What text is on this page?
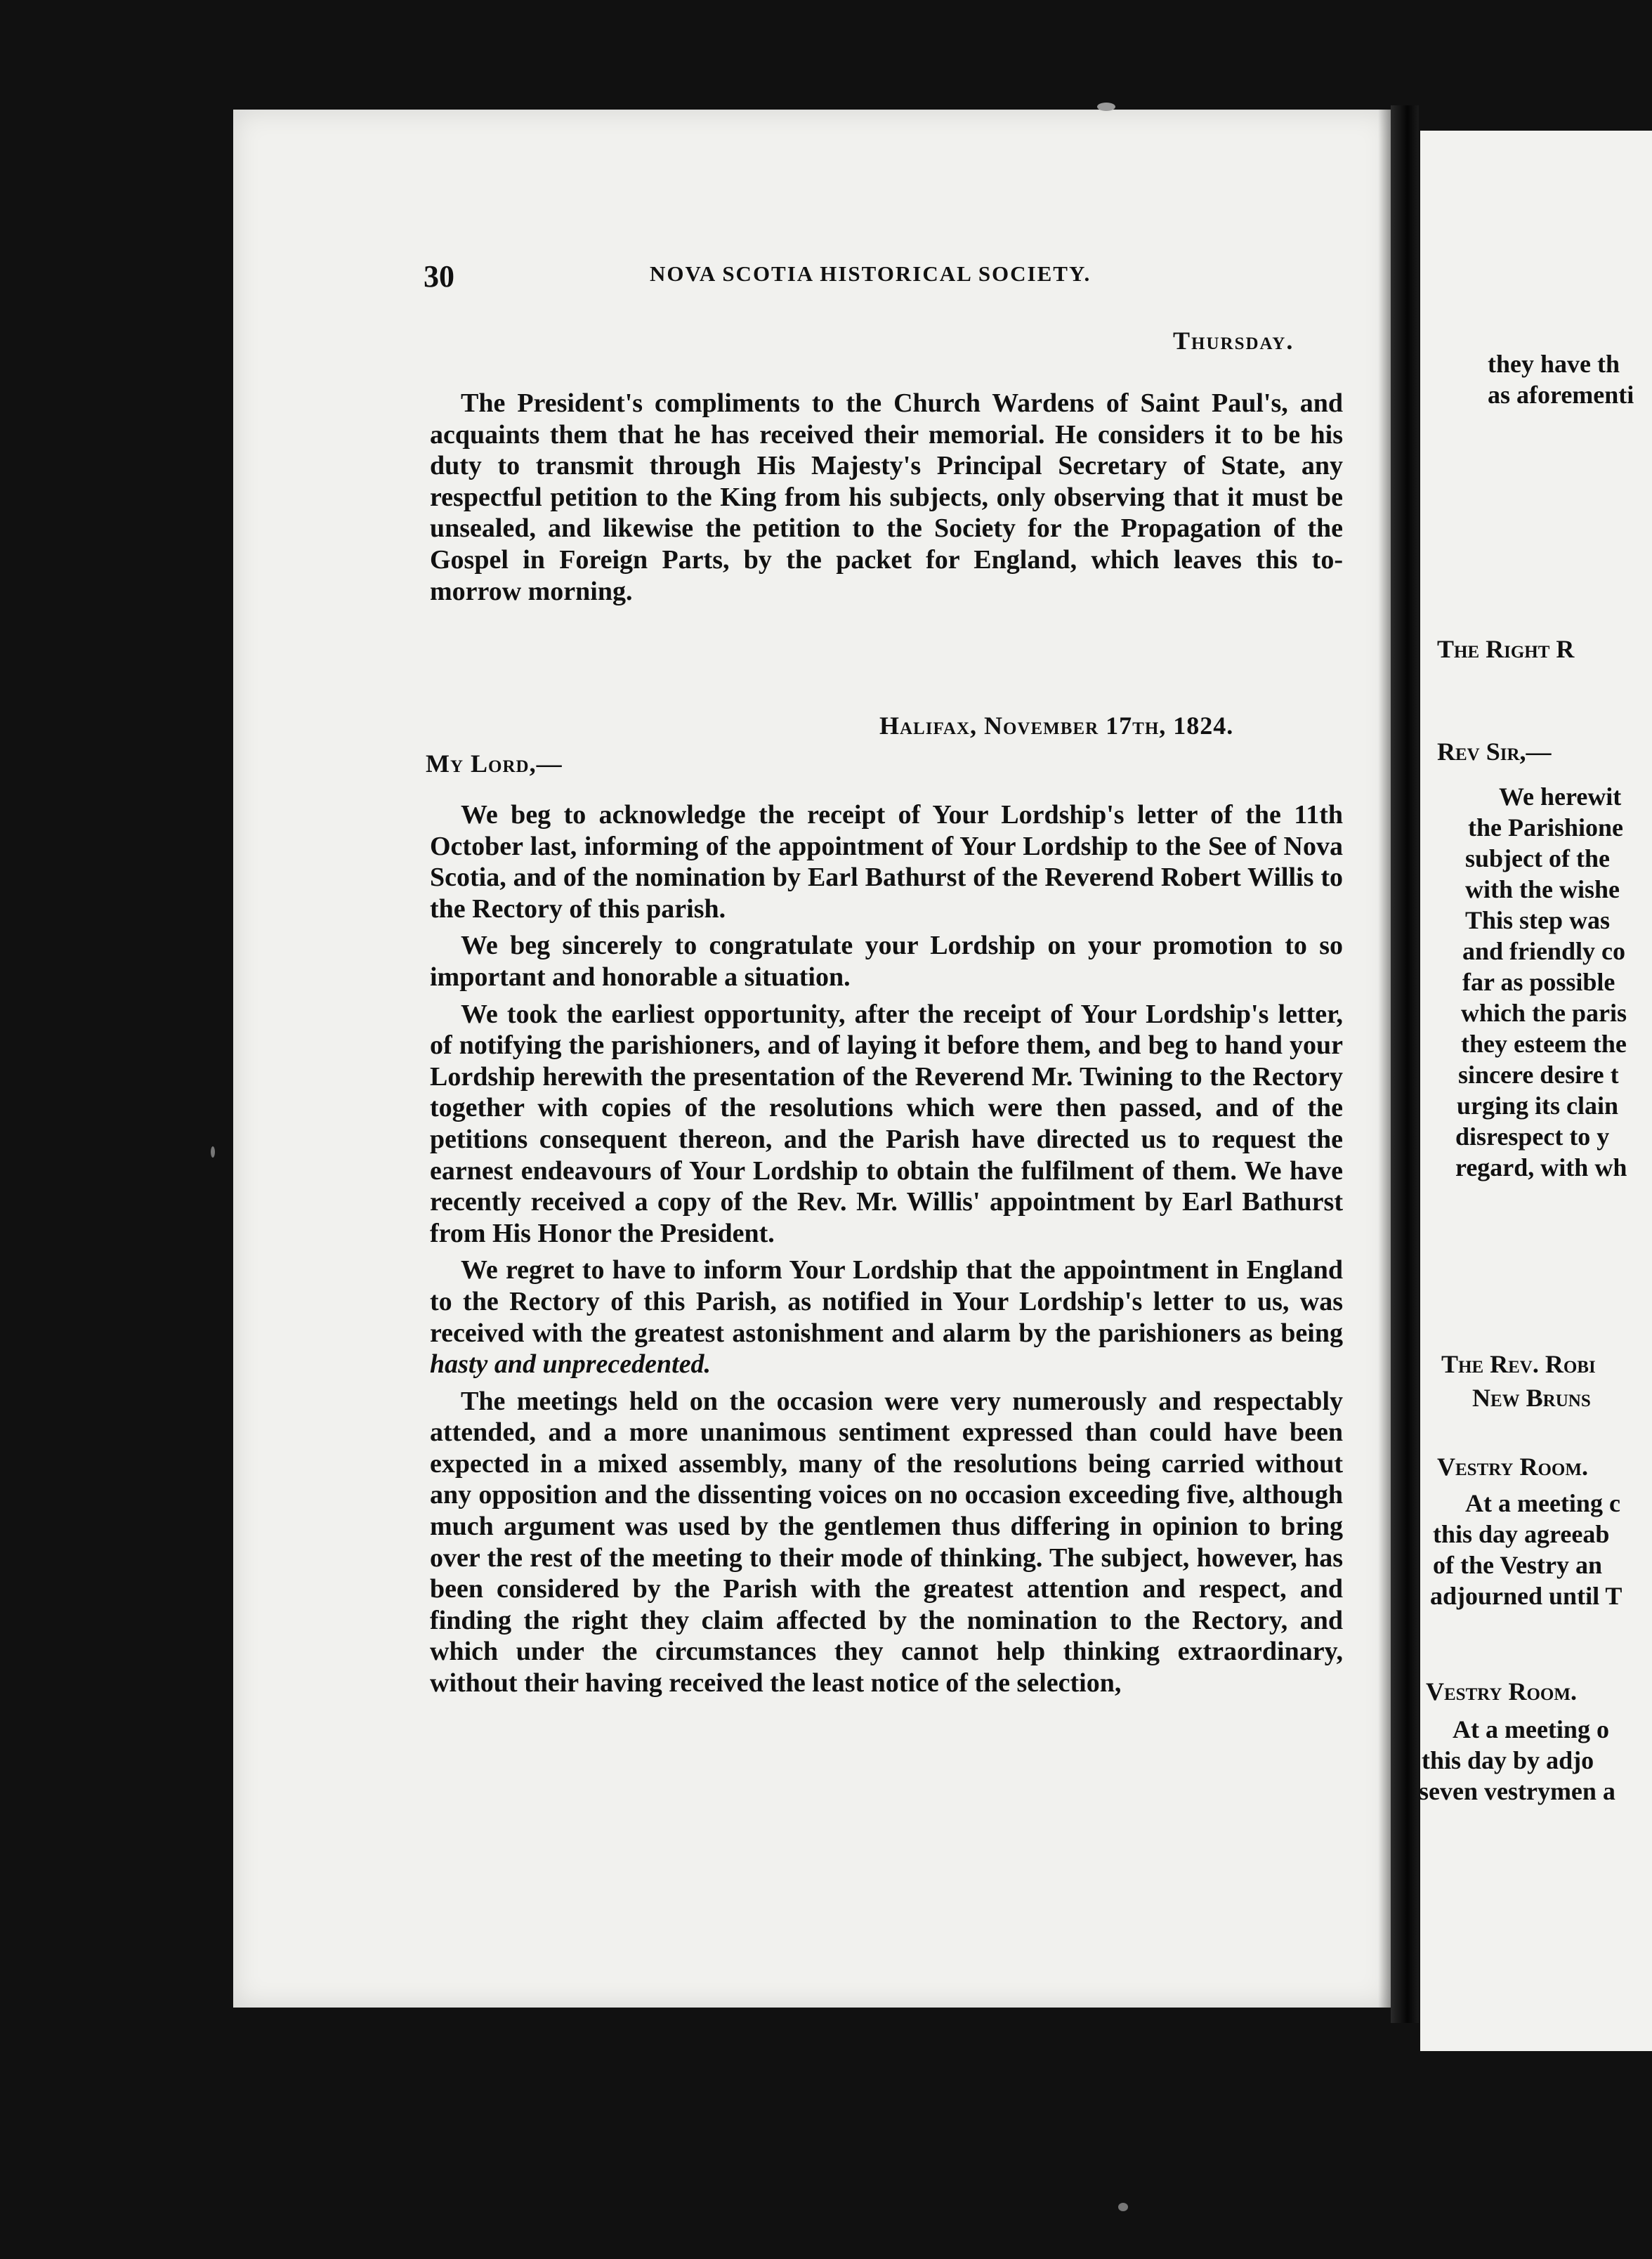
30	NOVA SCOTIA HISTORICAL SOCIETY.
Thursday.

The President's compliments to the Church Wardens of Saint Paul's, and acquaints them that he has received their memorial. He considers it to be his duty to transmit through His Majesty's Principal Secretary of State, any respectful petition to the King from his subjects, only observing that it must be unsealed, and likewise the petition to the Society for the Propagation of the Gospel in Foreign Parts, by the packet for England, which leaves this to-morrow morning.

Halifax, November 17th, 1824.
My Lord,—

We beg to acknowledge the receipt of Your Lordship's letter of the 11th October last, informing of the appointment of Your Lordship to the See of Nova Scotia, and of the nomination by Earl Bathurst of the Reverend Robert Willis to the Rectory of this parish.

We beg sincerely to congratulate your Lordship on your promotion to so important and honorable a situation.

We took the earliest opportunity, after the receipt of Your Lordship's letter, of notifying the parishioners, and of laying it before them, and beg to hand your Lordship herewith the presentation of the Reverend Mr. Twining to the Rectory together with copies of the resolutions which were then passed, and of the petitions consequent thereon, and the Parish have directed us to request the earnest endeavours of Your Lordship to obtain the fulfilment of them. We have recently received a copy of the Rev. Mr. Willis' appointment by Earl Bathurst from His Honor the President.

We regret to have to inform Your Lordship that the appointment in England to the Rectory of this Parish, as notified in Your Lordship's letter to us, was received with the greatest astonishment and alarm by the parishioners as being hasty and unprecedented.

The meetings held on the occasion were very numerously and respectably attended, and a more unanimous sentiment expressed than could have been expected in a mixed assembly, many of the resolutions being carried without any opposition and the dissenting voices on no occasion exceeding five, although much argument was used by the gentlemen thus differing in opinion to bring over the rest of the meeting to their mode of thinking. The subject, however, has been considered by the Parish with the greatest attention and respect, and finding the right they claim affected by the nomination to the Rectory, and which under the circumstances they cannot help thinking extraordinary, without their having received the least notice of the selection,

they have th
as aforementi
The Right R
Rev Sir,—
We herewit
the Parishione
subject of the
with the wishe
This step was
and friendly co
far as possible
which the paris
they esteem the
sincere desire t
urging its clain
disrespect to y
regard, with wh
The Rev. Robi
New Bruns
Vestry Room.
At a meeting c
this day agreeab
of the Vestry an
adjourned until T
Vestry Room.
At a meeting o
this day by adjo
seven vestrymen a
